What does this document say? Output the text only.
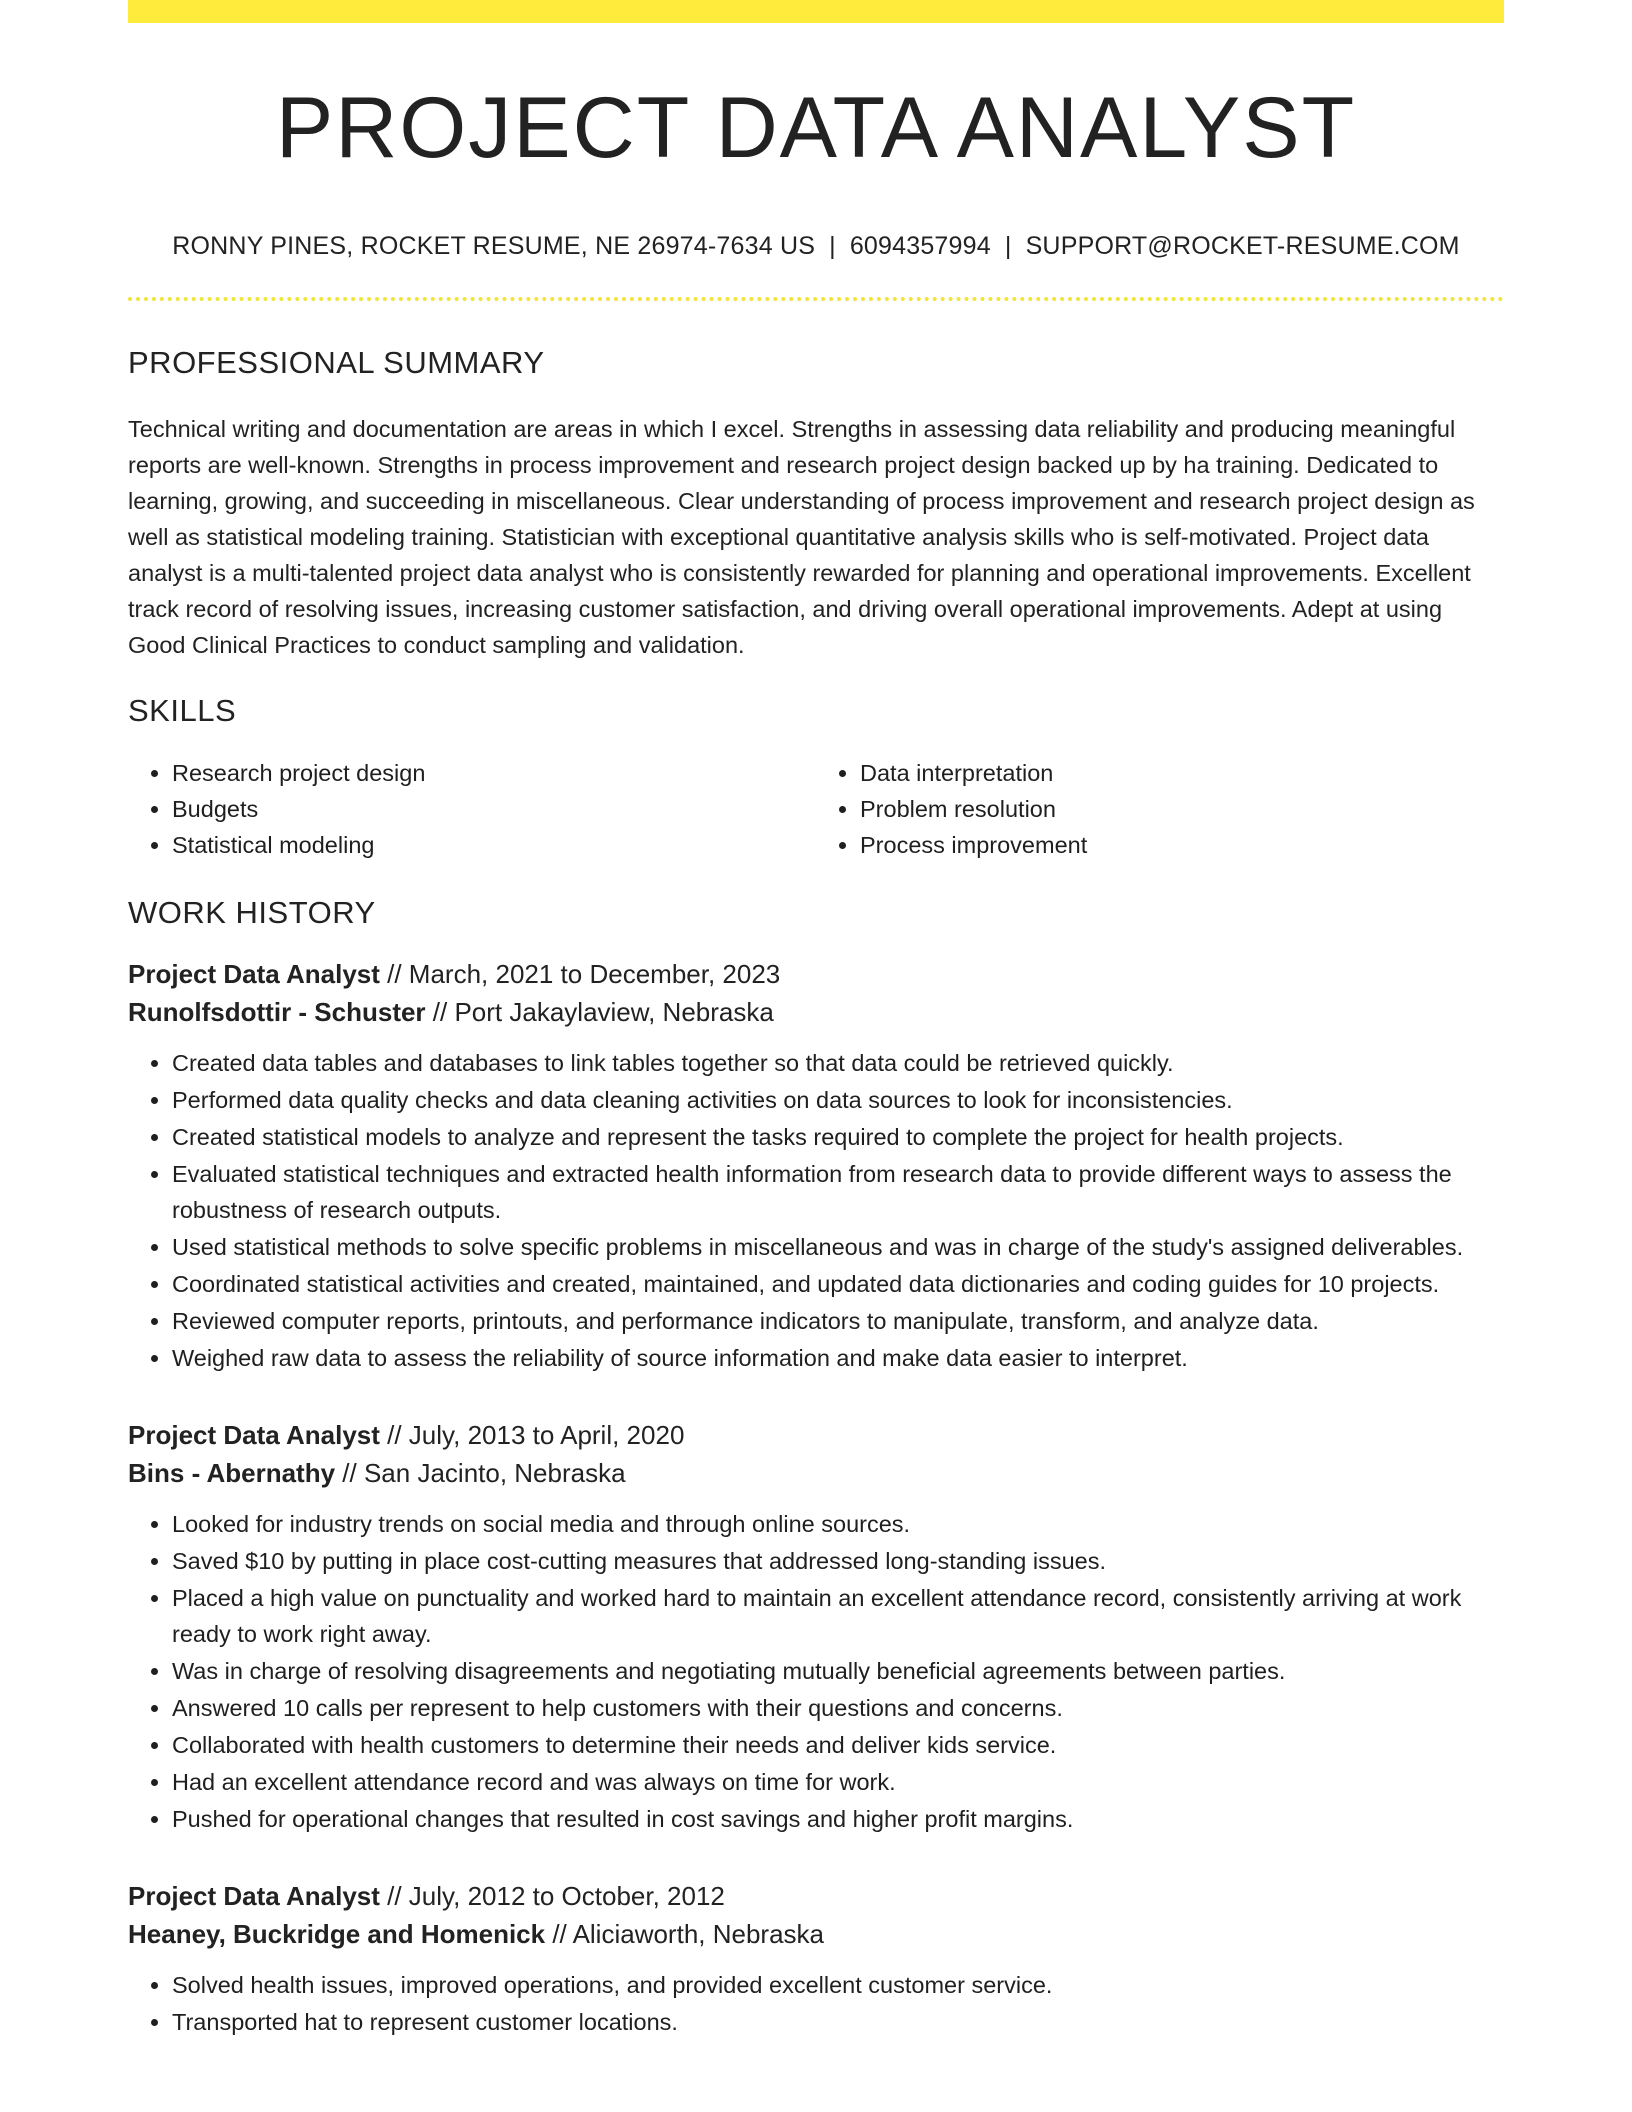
PROJECT DATA ANALYST
RONNY PINES, ROCKET RESUME, NE 26974-7634 US | 6094357994 | SUPPORT@ROCKET-RESUME.COM
PROFESSIONAL SUMMARY

Technical writing and documentation are areas in which I excel. Strengths in assessing data reliability and producing meaningful reports are well-known. Strengths in process improvement and research project design backed up by ha training. Dedicated to learning, growing, and succeeding in miscellaneous. Clear understanding of process improvement and research project design as well as statistical modeling training. Statistician with exceptional quantitative analysis skills who is self-motivated. Project data analyst is a multi-talented project data analyst who is consistently rewarded for planning and operational improvements. Excellent track record of resolving issues, increasing customer satisfaction, and driving overall operational improvements. Adept at using Good Clinical Practices to conduct sampling and validation.

SKILLS
• Research project design
• Budgets
• Statistical modeling
• Data interpretation
• Problem resolution
• Process improvement
WORK HISTORY
Project Data Analyst // March, 2021 to December, 2023
Runolfsdottir - Schuster // Port Jakaylaview, Nebraska
• Created data tables and databases to link tables together so that data could be retrieved quickly.
• Performed data quality checks and data cleaning activities on data sources to look for inconsistencies.
• Created statistical models to analyze and represent the tasks required to complete the project for health projects.
• Evaluated statistical techniques and extracted health information from research data to provide different ways to assess the robustness of research outputs.
• Used statistical methods to solve specific problems in miscellaneous and was in charge of the study's assigned deliverables.
• Coordinated statistical activities and created, maintained, and updated data dictionaries and coding guides for 10 projects.
• Reviewed computer reports, printouts, and performance indicators to manipulate, transform, and analyze data.
• Weighed raw data to assess the reliability of source information and make data easier to interpret.
Project Data Analyst // July, 2013 to April, 2020
Bins - Abernathy // San Jacinto, Nebraska
• Looked for industry trends on social media and through online sources.
• Saved $10 by putting in place cost-cutting measures that addressed long-standing issues.
• Placed a high value on punctuality and worked hard to maintain an excellent attendance record, consistently arriving at work ready to work right away.
• Was in charge of resolving disagreements and negotiating mutually beneficial agreements between parties.
• Answered 10 calls per represent to help customers with their questions and concerns.
• Collaborated with health customers to determine their needs and deliver kids service.
• Had an excellent attendance record and was always on time for work.
• Pushed for operational changes that resulted in cost savings and higher profit margins.
Project Data Analyst // July, 2012 to October, 2012
Heaney, Buckridge and Homenick // Aliciaworth, Nebraska
• Solved health issues, improved operations, and provided excellent customer service.
• Transported hat to represent customer locations.
